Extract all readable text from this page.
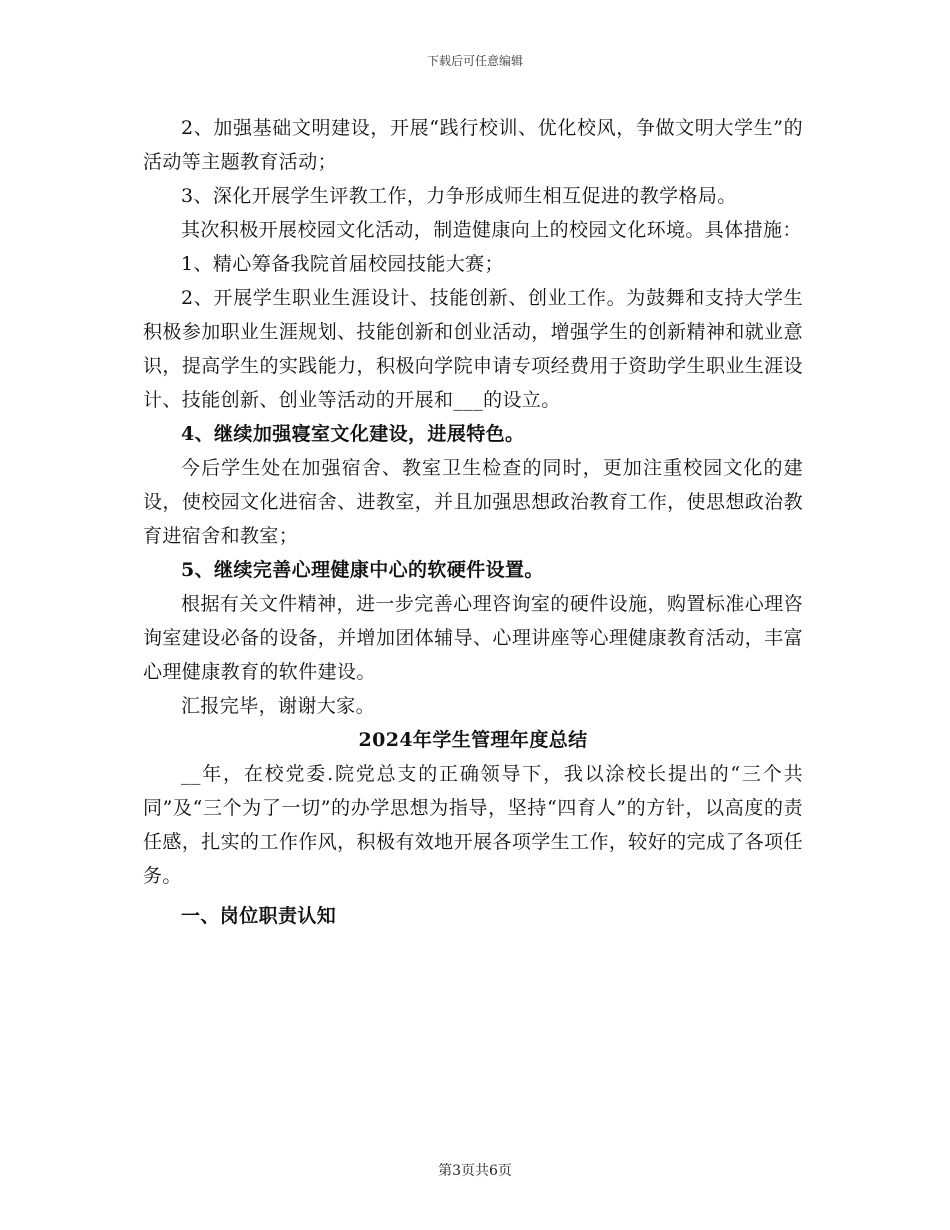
下载后可任意编辑

2、加强基础文明建设，开展“践行校训、优化校风，争做文明大学生”的活动等主题教育活动；

3、深化开展学生评教工作，力争形成师生相互促进的教学格局。

其次积极开展校园文化活动，制造健康向上的校园文化环境。具体措施：

1、精心筹备我院首届校园技能大赛；

2、开展学生职业生涯设计、技能创新、创业工作。为鼓舞和支持大学生积极参加职业生涯规划、技能创新和创业活动，增强学生的创新精神和就业意识，提高学生的实践能力，积极向学院申请专项经费用于资助学生职业生涯设计、技能创新、创业等活动的开展和___的设立。

4、继续加强寝室文化建设，进展特色。

今后学生处在加强宿舍、教室卫生检查的同时，更加注重校园文化的建设，使校园文化进宿舍、进教室，并且加强思想政治教育工作，使思想政治教育进宿舍和教室；

5、继续完善心理健康中心的软硬件设置。

根据有关文件精神，进一步完善心理咨询室的硬件设施，购置标准心理咨询室建设必备的设备，并增加团体辅导、心理讲座等心理健康教育活动，丰富心理健康教育的软件建设。

汇报完毕，谢谢大家。

2024年学生管理年度总结

__年，在校党委.院党总支的正确领导下，我以涂校长提出的“三个共同”及“三个为了一切”的办学思想为指导，坚持“四育人”的方针，以高度的责任感，扎实的工作作风，积极有效地开展各项学生工作，较好的完成了各项任务。

一、岗位职责认知

第3页共6页
